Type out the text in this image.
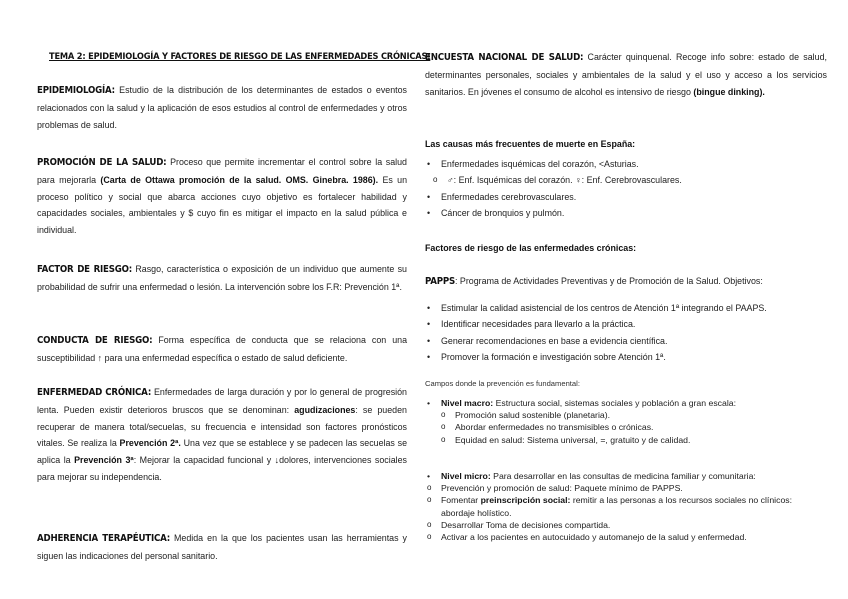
TEMA 2: EPIDEMIOLOGÍA Y FACTORES DE RIESGO DE LAS ENFERMEDADES CRÓNICAS:

EPIDEMIOLOGÍA: Estudio de la distribución de los determinantes de estados o eventos relacionados con la salud y la aplicación de esos estudios al control de enfermedades y otros problemas de salud.

PROMOCIÓN DE LA SALUD: Proceso que permite incrementar el control sobre la salud para mejorarla (Carta de Ottawa promoción de la salud. OMS. Ginebra. 1986). Es un proceso político y social que abarca acciones cuyo objetivo es fortalecer habilidad y capacidades sociales, ambientales y $ cuyo fin es mitigar el impacto en la salud pública e individual.

FACTOR DE RIESGO: Rasgo, característica o exposición de un individuo que aumente su probabilidad de sufrir una enfermedad o lesión. La intervención sobre los F.R: Prevención 1ª.

CONDUCTA DE RIESGO: Forma específica de conducta que se relaciona con una susceptibilidad ↑ para una enfermedad específica o estado de salud deficiente.

ENFERMEDAD CRÓNICA: Enfermedades de larga duración y por lo general de progresión lenta. Pueden existir deterioros bruscos que se denominan: agudizaciones: se pueden recuperar de manera total/secuelas, su frecuencia e intensidad son factores pronósticos vitales. Se realiza la Prevención 2ª. Una vez que se establece y se padecen las secuelas se aplica la Prevención 3ª: Mejorar la capacidad funcional y ↓dolores, intervenciones sociales para mejorar su independencia.

ADHERENCIA TERAPÉUTICA: Medida en la que los pacientes usan las herramientas y siguen las indicaciones del personal sanitario.

ENCUESTA NACIONAL DE SALUD: Carácter quinquenal. Recoge info sobre: estado de salud, determinantes personales, sociales y ambientales de la salud y el uso y acceso a los servicios sanitarios. En jóvenes el consumo de alcohol es intensivo de riesgo (bingue dinking).

Las causas más frecuentes de muerte en España:
• Enfermedades isquémicas del corazón, <Asturias.
o ♂: Enf. Isquémicas del corazón. ♀: Enf. Cerebrovasculares.
• Enfermedades cerebrovasculares.
• Cáncer de bronquios y pulmón.
Factores de riesgo de las enfermedades crónicas:

PAPPS: Programa de Actividades Preventivas y de Promoción de la Salud. Objetivos:

• Estimular la calidad asistencial de los centros de Atención 1ª integrando el PAAPS.
• Identificar necesidades para llevarlo a la práctica.
• Generar recomendaciones en base a evidencia científica.
• Promover la formación e investigación sobre Atención 1ª.
Campos donde la prevención es fundamental:
• Nivel macro: Estructura social, sistemas sociales y población a gran escala:
o Promoción salud sostenible (planetaria).
o Abordar enfermedades no transmisibles o crónicas.
o Equidad en salud: Sistema universal, =, gratuito y de calidad.
• Nivel micro: Para desarrollar en las consultas de medicina familiar y comunitaria:
o Prevención y promoción de salud: Paquete mínimo de PAPPS.
o Fomentar preinscripción social: remitir a las personas a los recursos sociales no clínicos: abordaje holístico.
o Desarrollar Toma de decisiones compartida.
o Activar a los pacientes en autocuidado y automanejo de la salud y enfermedad.
